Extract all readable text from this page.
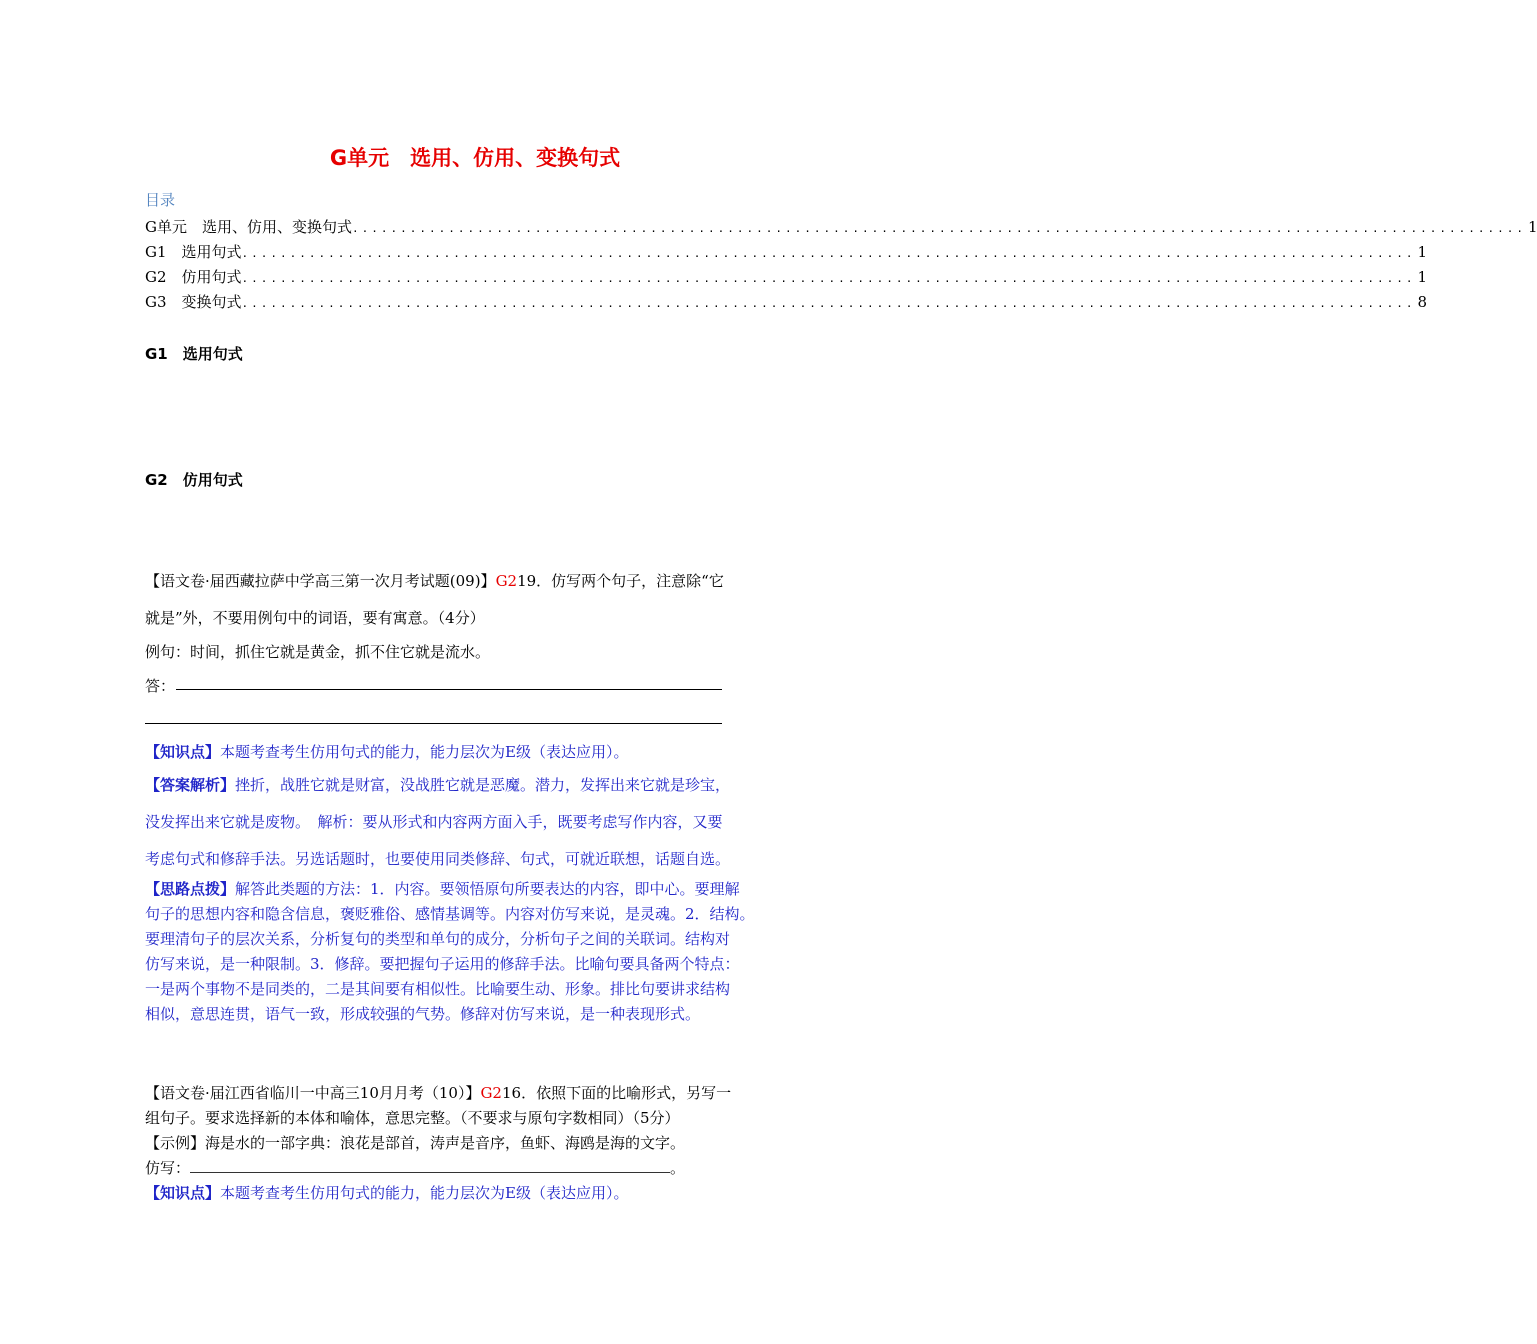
G单元　选用、仿用、变换句式
目录
G单元　选用、仿用、变换句式 .......................................................................................................................... 1
G1　选用句式 .......................................................................................................................... 1
G2　仿用句式 .......................................................................................................................... 1
G3　变换句式 .......................................................................................................................... 8
G1　选用句式
G2　仿用句式
【语文卷·届西藏拉萨中学高三第一次月考试题(09)】G219．仿写两个句子，注意除“它
就是”外，不要用例句中的词语，要有寓意。（4分）
例句：时间，抓住它就是黄金，抓不住它就是流水。
答：
【知识点】本题考查考生仿用句式的能力，能力层次为E级（表达应用）。
【答案解析】挫折，战胜它就是财富，没战胜它就是恶魔。潜力，发挥出来它就是珍宝，
没发挥出来它就是废物。　解析：要从形式和内容两方面入手，既要考虑写作内容，又要
考虑句式和修辞手法。另选话题时，也要使用同类修辞、句式，可就近联想，话题自选。
【思路点拨】解答此类题的方法：1．内容。要领悟原句所要表达的内容，即中心。要理解
句子的思想内容和隐含信息，褒贬雅俗、感情基调等。内容对仿写来说，是灵魂。2．结构。
要理清句子的层次关系，分析复句的类型和单句的成分，分析句子之间的关联词。结构对
仿写来说，是一种限制。3．修辞。要把握句子运用的修辞手法。比喻句要具备两个特点：
一是两个事物不是同类的，二是其间要有相似性。比喻要生动、形象。排比句要讲求结构
相似，意思连贯，语气一致，形成较强的气势。修辞对仿写来说，是一种表现形式。
【语文卷·届江西省临川一中高三10月月考（10）】G216．依照下面的比喻形式，另写一
组句子。要求选择新的本体和喻体，意思完整。（不要求与原句字数相同）（5分）
【示例】海是水的一部字典：浪花是部首，涛声是音序，鱼虾、海鸥是海的文字。
仿写：	。
【知识点】本题考查考生仿用句式的能力，能力层次为E级（表达应用）。
